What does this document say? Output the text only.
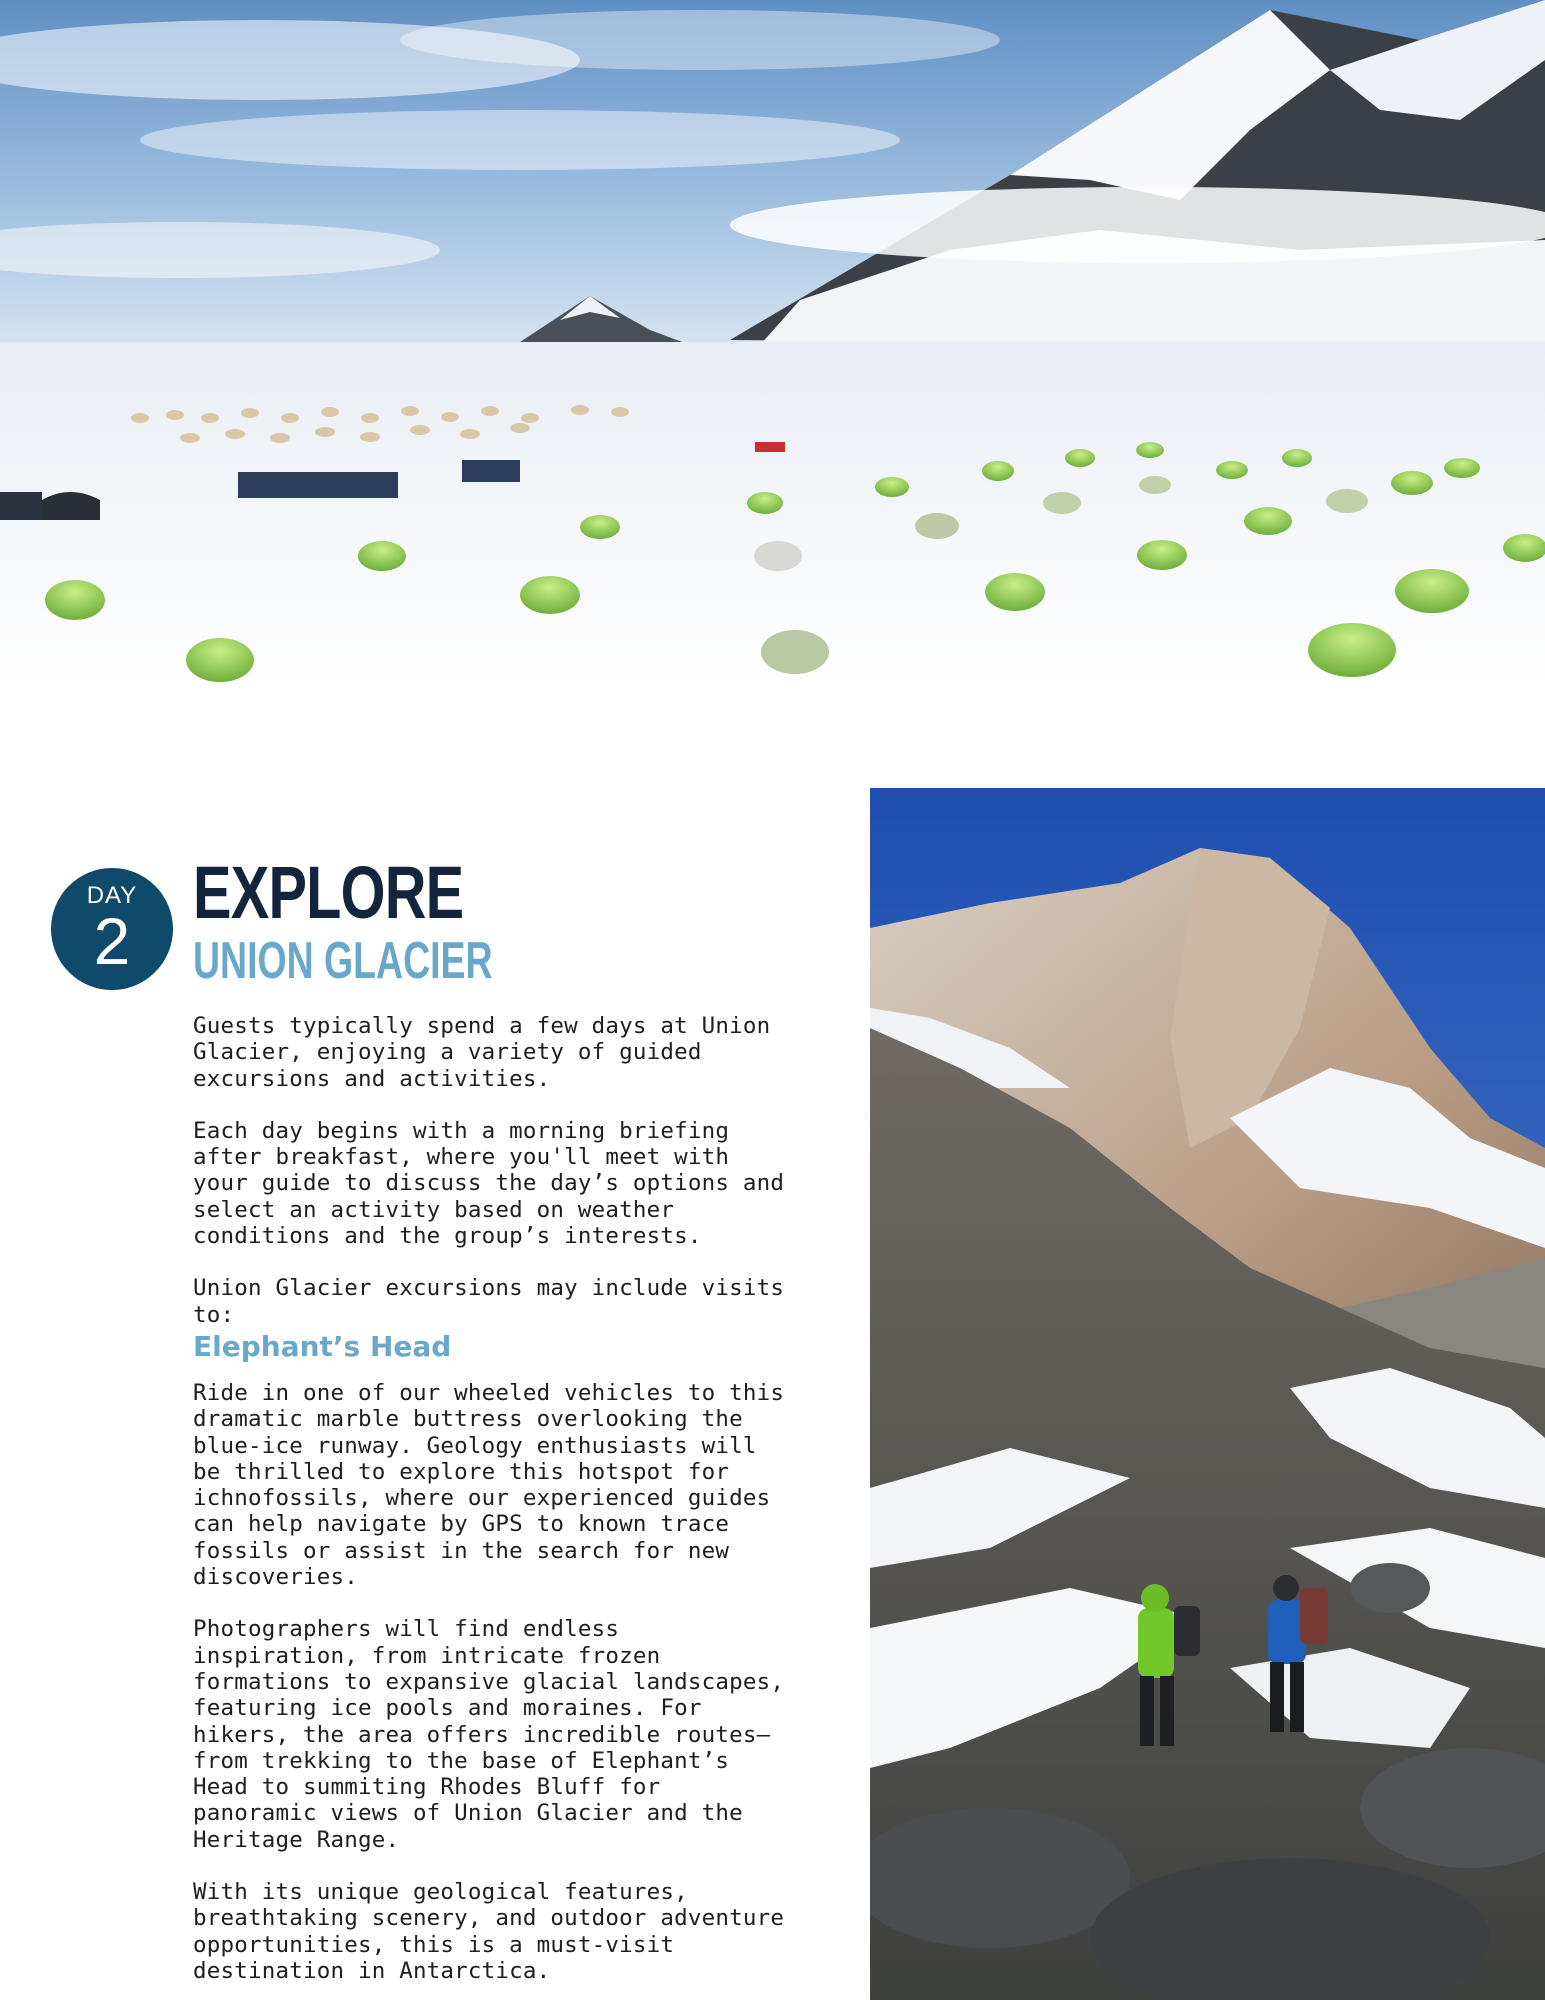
DAY
2
EXPLORE
UNION GLACIER

Guests typically spend a few days at Union Glacier, enjoying a variety of guided excursions and activities.

Each day begins with a morning briefing after breakfast, where you'll meet with your guide to discuss the day’s options and select an activity based on weather conditions and the group’s interests.

Union Glacier excursions may include visits to:

Elephant’s Head

Ride in one of our wheeled vehicles to this dramatic marble buttress overlooking the blue-ice runway. Geology enthusiasts will be thrilled to explore this hotspot for ichnofossils, where our experienced guides can help navigate by GPS to known trace fossils or assist in the search for new discoveries.

Photographers will find endless inspiration, from intricate frozen formations to expansive glacial landscapes, featuring ice pools and moraines. For hikers, the area offers incredible routes—from trekking to the base of Elephant’s Head to summiting Rhodes Bluff for panoramic views of Union Glacier and the Heritage Range.

With its unique geological features, breathtaking scenery, and outdoor adventure opportunities, this is a must-visit destination in Antarctica.
